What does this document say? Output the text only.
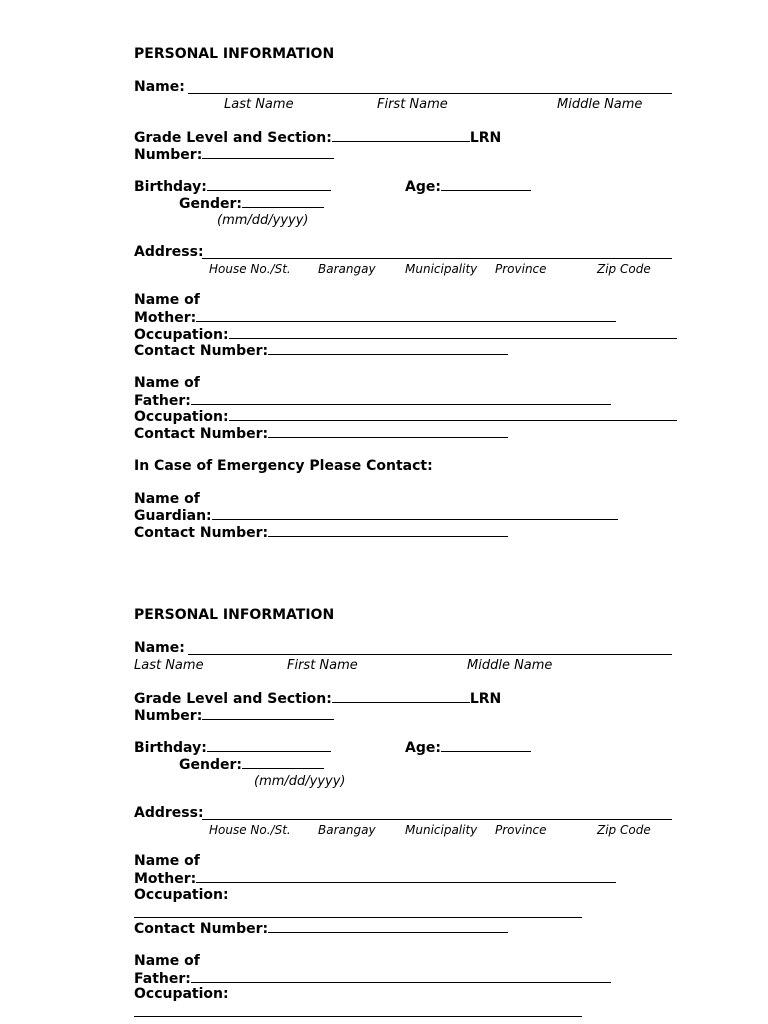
PERSONAL INFORMATION
Name:
Last Name	First Name	Middle Name
Grade Level and Section:	LRN
Number:
Birthday:	Age:
Gender:
(mm/dd/yyyy)
Address:
House No./St. Barangay Municipality Province	Zip Code
Name of
Mother:
Occupation:
Contact Number:
Name of
Father:
Occupation:
Contact Number:
In Case of Emergency Please Contact:
Name of
Guardian:
Contact Number:
PERSONAL INFORMATION
Name:
Last Name	First Name	Middle Name
Grade Level and Section:	LRN
Number:
Birthday:	Age:
Gender:
(mm/dd/yyyy)
Address:
House No./St. Barangay Municipality Province	Zip Code
Name of
Mother:
Occupation:
Contact Number:
Name of
Father:
Occupation:
